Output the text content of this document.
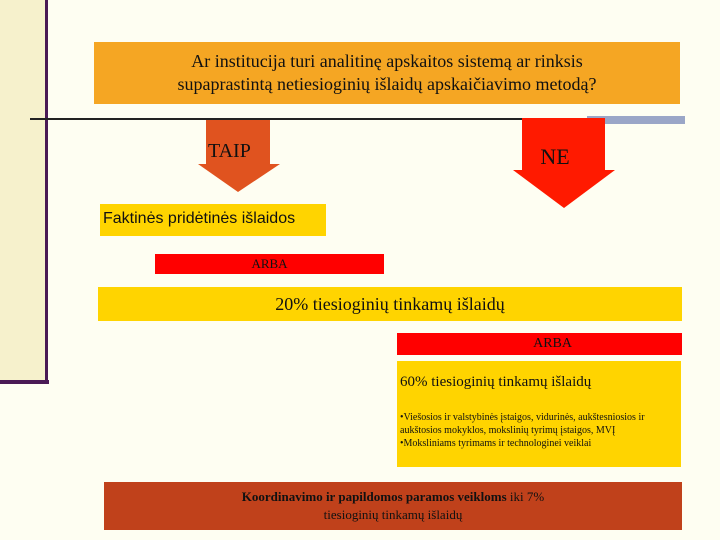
Ar institucija turi analitinę apskaitos sistemą ar rinksis
supaprastintą netiesioginių išlaidų apskaičiavimo metodą?
TAIP	NE
Faktinės pridėtinės išlaidos
ARBA
20% tiesioginių tinkamų išlaidų
ARBA
60% tiesioginių tinkamų išlaidų

•Viešosios ir valstybinės įstaigos, vidurinės, aukštesniosios ir aukštosios mokyklos, mokslinių tyrimų įstaigos, MVĮ

•Moksliniams tyrimams ir technologinei veiklai

Koordinavimo ir papildomos paramos veikloms iki 7%
tiesioginių tinkamų išlaidų
